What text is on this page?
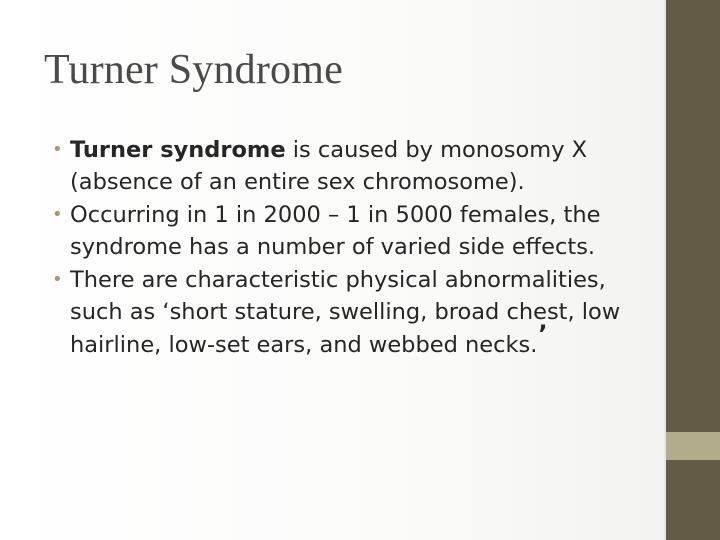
Turner Syndrome
• Turner syndrome is caused by monosomy X (absence of an entire sex chromosome).
• Occurring in 1 in 2000 – 1 in 5000 females, the syndrome has a number of varied side effects.
• There are characteristic physical abnormalities, such as ‘short stature, swelling, broad chest, low hairline, low-set ears, and webbed necks.’
